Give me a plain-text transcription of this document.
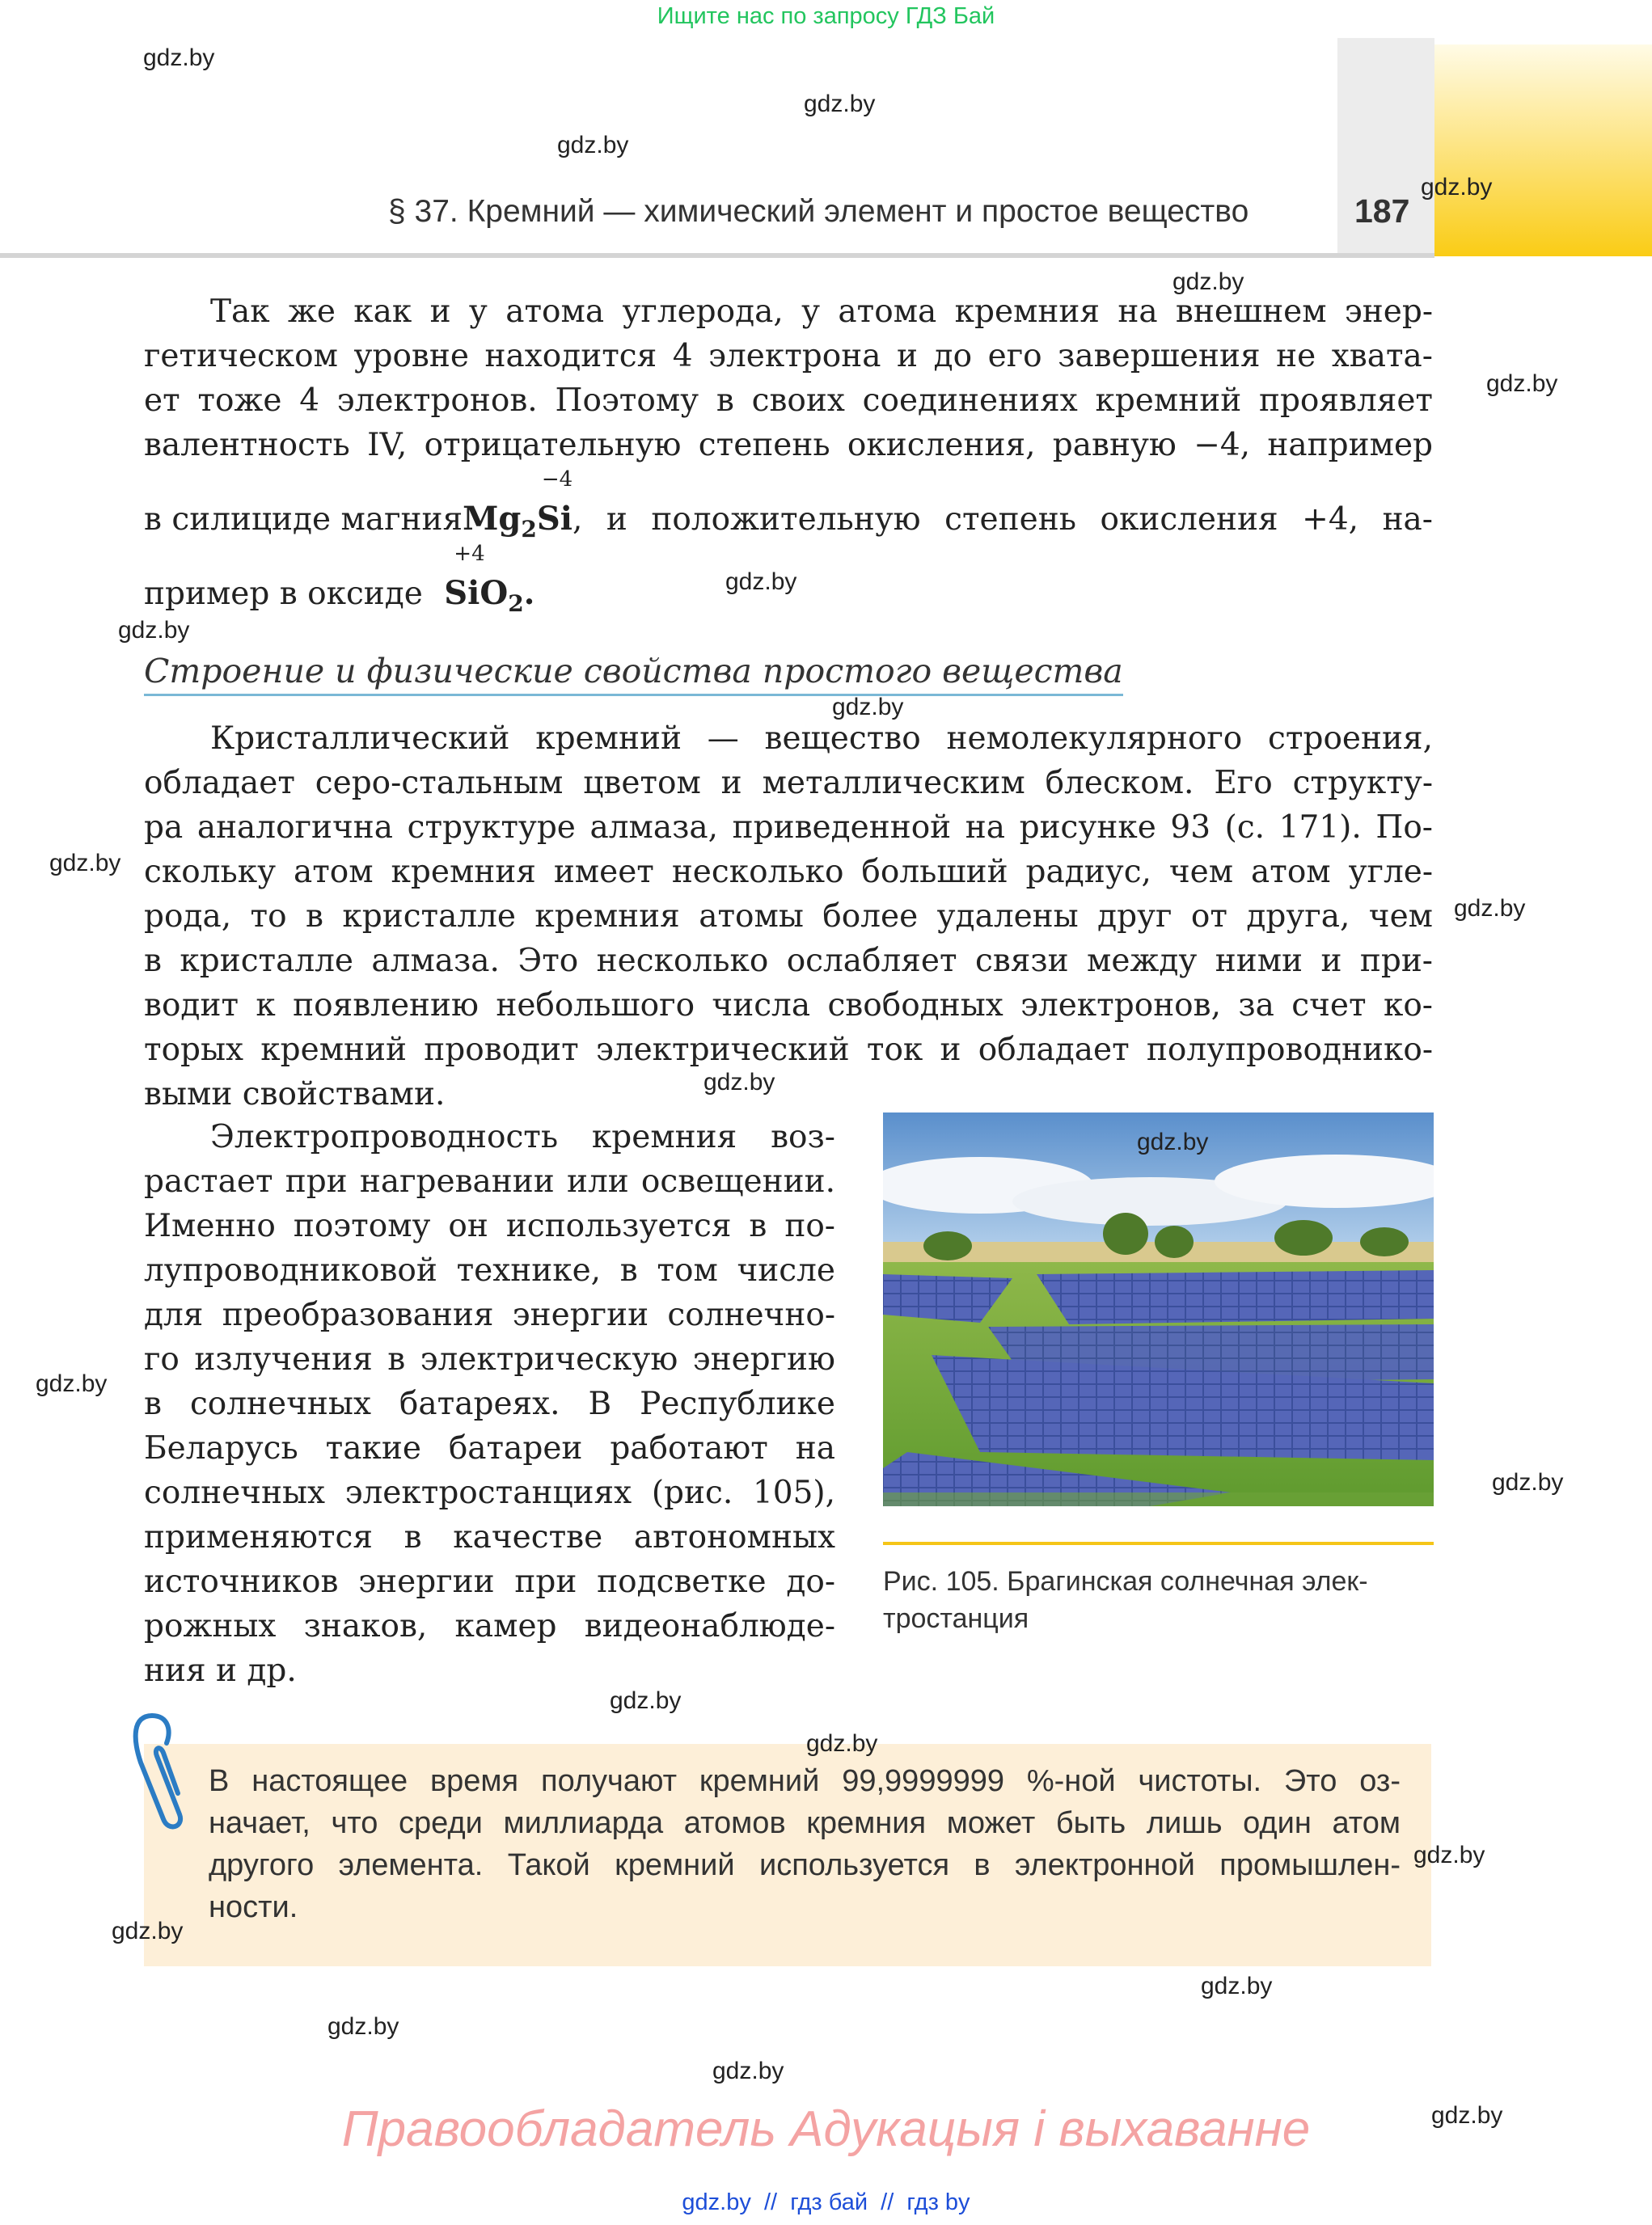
Ищите нас по запросу ГДЗ Бай
§ 37. Кремний — химический элемент и простое вещество	187
Так же как и у атома углерода, у атома кремния на внешнем энер-
гетическом уровне находится 4 электрона и до его завершения не хвата-
ет тоже 4 электронов. Поэтому в своих соединениях кремний проявляет
валентность IV, отрицательную степень окисления, равную −4, например
в силициде магния $Mg_2$
−4
Si , и положительную степень окисления +4, на-
пример в оксиде
+4
SiO$_2$.
Строение и физические свойства простого вещества
Кристаллический кремний — вещество немолекулярного строения,
обладает серо-стальным цветом и металлическим блеском. Его структу-
ра аналогична структуре алмаза, приведенной на рисунке 93 (с. 171). По-
скольку атом кремния имеет несколько больший радиус, чем атом угле-
рода, то в кристалле кремния атомы более удалены друг от друга, чем
в кристалле алмаза. Это несколько ослабляет связи между ними и при-
водит к появлению небольшого числа свободных электронов, за счет ко-
торых кремний проводит электрический ток и обладает полупроводнико-
выми свойствами.
Электропроводность кремния воз-
растает при нагревании или освещении.
Именно поэтому он используется в по-
лупроводниковой технике, в том числе
для преобразования энергии солнечно-
го излучения в электрическую энергию
в солнечных батареях. В Республике
Беларусь такие батареи работают на
солнечных электростанциях (рис. 105),
применяются в качестве автономных
источников энергии при подсветке до-
рожных знаков, камер видеонаблюде-
ния и др.
Рис. 105. Брагинская солнечная элек-
тростанция
В настоящее время получают кремний 99,9999999 %-ной чистоты. Это оз-
начает, что среди миллиарда атомов кремния может быть лишь один атом
другого элемента. Такой кремний используется в электронной промышлен-
ности.
gdz.by
gdz.by
gdz.by
gdz.by
gdz.by
gdz.by
gdz.by
gdz.by
gdz.by
gdz.by
gdz.by
gdz.by
gdz.by
gdz.by
gdz.by
gdz.by
gdz.by
gdz.by
gdz.by
gdz.by
gdz.by
gdz.by
gdz.by
Правообладатель Адукацыя і выхаванне
gdz.by  //  гдз бай  //  гдз by
